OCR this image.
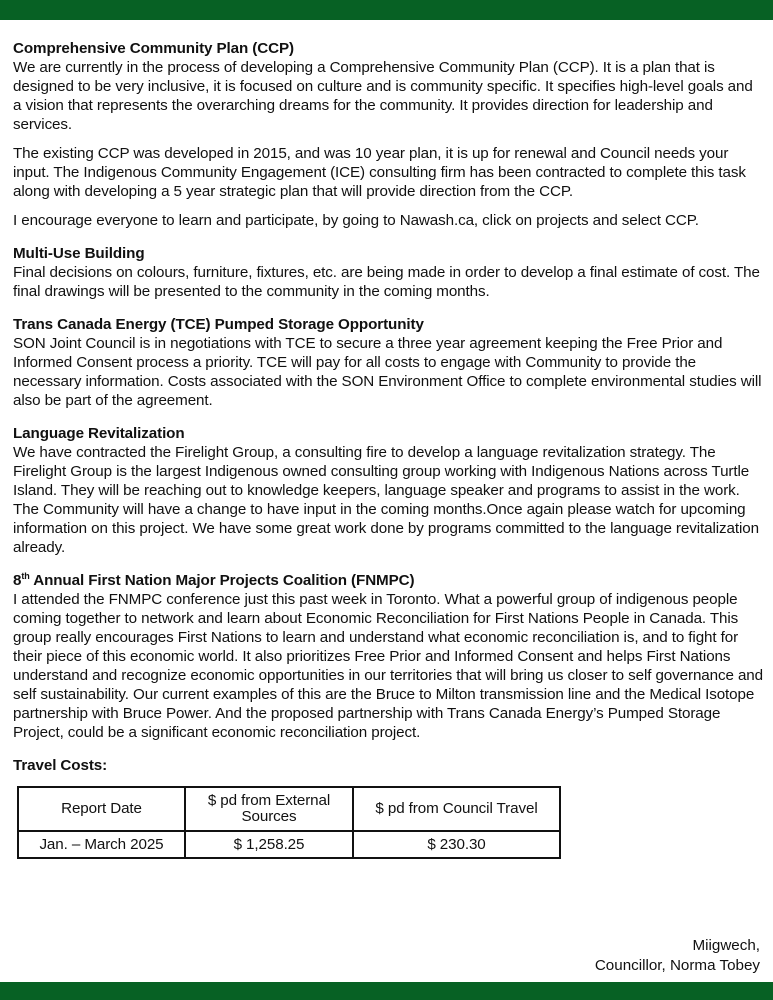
Comprehensive Community Plan (CCP)

We are currently in the process of developing a Comprehensive Community Plan (CCP). It is a plan that is designed to be very inclusive, it is focused on culture and is community specific. It specifies high-level goals and a vision that represents the overarching dreams for the community. It provides direction for leadership and services.

The existing CCP was developed in 2015, and was 10 year plan, it is up for renewal and Council needs your input. The Indigenous Community Engagement (ICE) consulting firm has been contracted to complete this task along with developing a 5 year strategic plan that will provide direction from the CCP.

I encourage everyone to learn and participate, by going to Nawash.ca, click on projects and select CCP.

Multi-Use Building

Final decisions on colours, furniture, fixtures, etc. are being made in order to develop a final estimate of cost. The final drawings will be presented to the community in the coming months.

Trans Canada Energy (TCE) Pumped Storage Opportunity

SON Joint Council is in negotiations with TCE to secure a three year agreement keeping the Free Prior and Informed Consent process a priority. TCE will pay for all costs to engage with Community to provide the necessary information. Costs associated with the SON Environment Office to complete environmental studies will also be part of the agreement.

Language Revitalization

We have contracted the Firelight Group, a consulting fire to develop a language revitalization strategy. The Firelight Group is the largest Indigenous owned consulting group working with Indigenous Nations across Turtle Island. They will be reaching out to knowledge keepers, language speaker and programs to assist in the work. The Community will have a change to have input in the coming months.Once again please watch for upcoming information on this project. We have some great work done by programs committed to the language revitalization already.

8th Annual First Nation Major Projects Coalition (FNMPC)

I attended the FNMPC conference just this past week in Toronto. What a powerful group of indigenous people coming together to network and learn about Economic Reconciliation for First Nations People in Canada. This group really encourages First Nations to learn and understand what economic reconciliation is, and to fight for their piece of this economic world. It also prioritizes Free Prior and Informed Consent and helps First Nations understand and recognize economic opportunities in our territories that will bring us closer to self governance and self sustainability. Our current examples of this are the Bruce to Milton transmission line and the Medical Isotope partnership with Bruce Power. And the proposed partnership with Trans Canada Energy’s Pumped Storage Project, could be a significant economic reconciliation project.

Travel Costs:
Report Date	$ pd from External Sources	$ pd from Council Travel
Jan. – March 2025	$ 1,258.25	$ 230.30
Miigwech,
Councillor, Norma Tobey
